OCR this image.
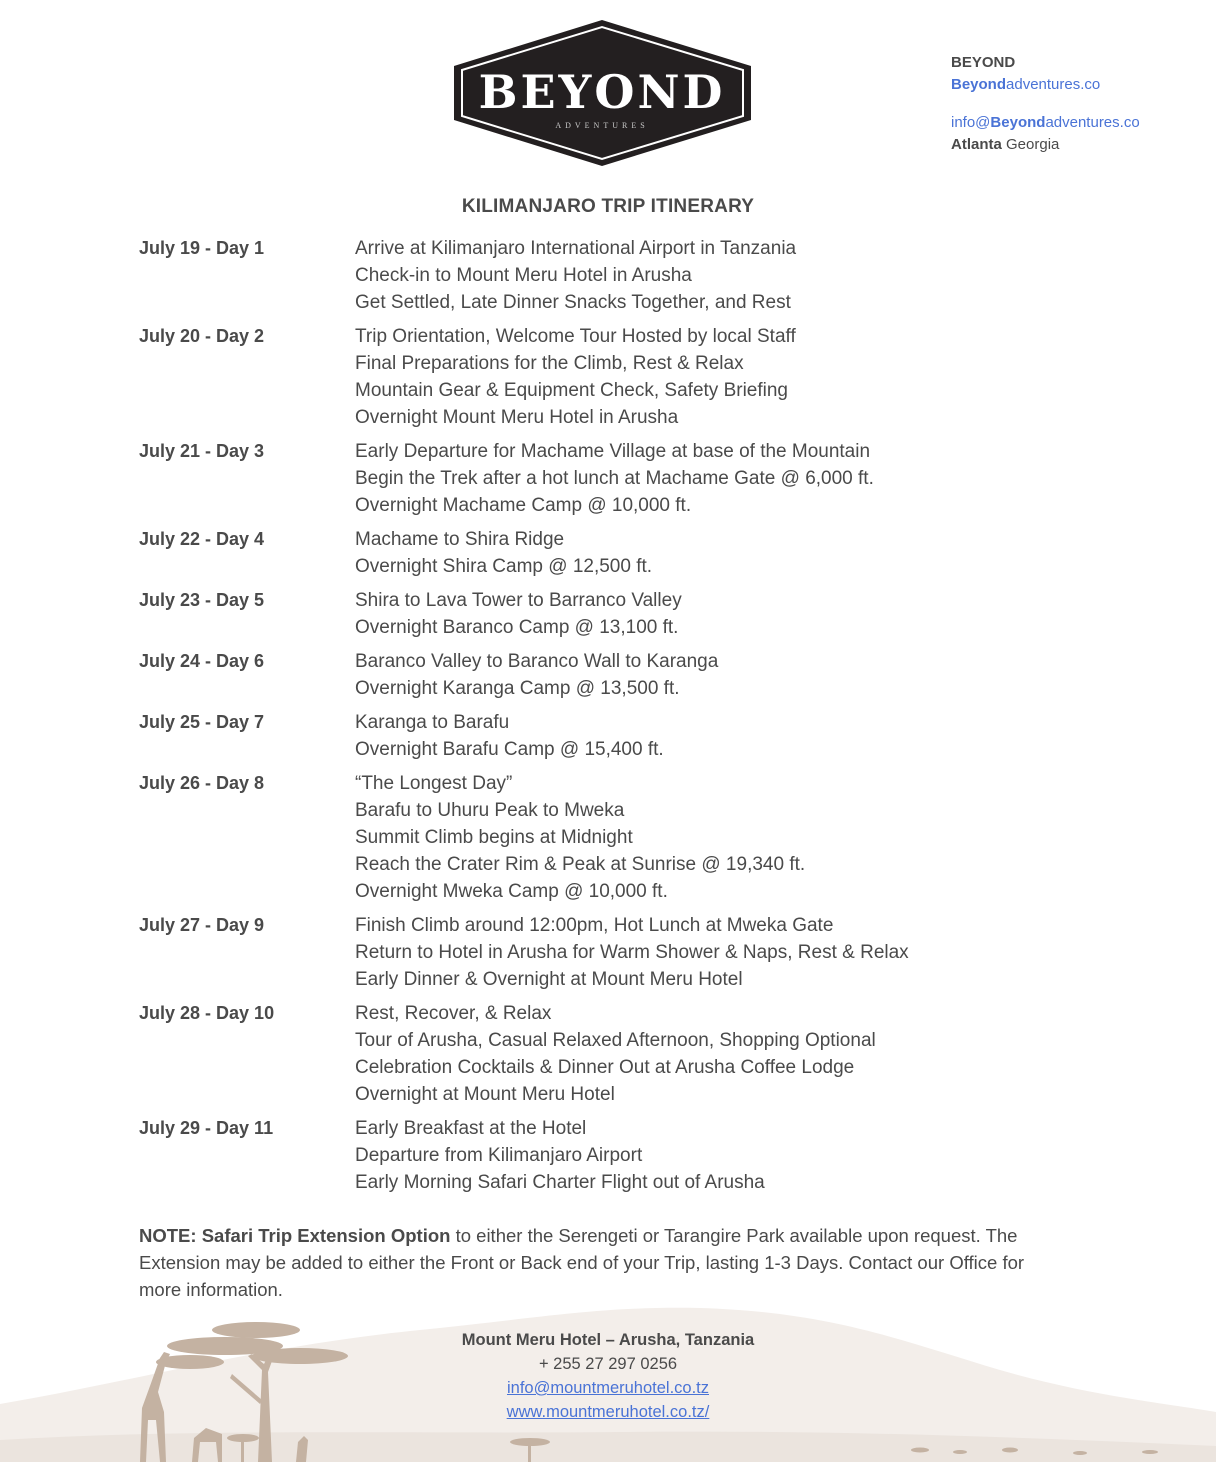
BEYOND
ADVENTURES
BEYOND
Beyondadventures.co
info@Beyondadventures.co
Atlanta Georgia
KILIMANJARO TRIP ITINERARY
July 19 - Day 1	Arrive at Kilimanjaro International Airport in Tanzania
Check-in to Mount Meru Hotel in Arusha
Get Settled, Late Dinner Snacks Together, and Rest
July 20 - Day 2	Trip Orientation, Welcome Tour Hosted by local Staff
Final Preparations for the Climb, Rest & Relax
Mountain Gear & Equipment Check, Safety Briefing
Overnight Mount Meru Hotel in Arusha
July 21 - Day 3	Early Departure for Machame Village at base of the Mountain
Begin the Trek after a hot lunch at Machame Gate @ 6,000 ft.
Overnight Machame Camp @ 10,000 ft.
July 22 - Day 4	Machame to Shira Ridge
Overnight Shira Camp @ 12,500 ft.
July 23 - Day 5	Shira to Lava Tower to Barranco Valley
Overnight Baranco Camp @ 13,100 ft.
July 24 - Day 6	Baranco Valley to Baranco Wall to Karanga
Overnight Karanga Camp @ 13,500 ft.
July 25 - Day 7	Karanga to Barafu
Overnight Barafu Camp @ 15,400 ft.
July 26 - Day 8	“The Longest Day”
Barafu to Uhuru Peak to Mweka
Summit Climb begins at Midnight
Reach the Crater Rim & Peak at Sunrise @ 19,340 ft.
Overnight Mweka Camp @ 10,000 ft.
July 27 - Day 9	Finish Climb around 12:00pm, Hot Lunch at Mweka Gate
Return to Hotel in Arusha for Warm Shower & Naps, Rest & Relax
Early Dinner & Overnight at Mount Meru Hotel
July 28 - Day 10	Rest, Recover, & Relax
Tour of Arusha, Casual Relaxed Afternoon, Shopping Optional
Celebration Cocktails & Dinner Out at Arusha Coffee Lodge
Overnight at Mount Meru Hotel
July 29 - Day 11	Early Breakfast at the Hotel
Departure from Kilimanjaro Airport
Early Morning Safari Charter Flight out of Arusha
NOTE: Safari Trip Extension Option to either the Serengeti or Tarangire Park available upon request. The Extension may be added to either the Front or Back end of your Trip, lasting 1-3 Days. Contact our Office for more information.
Mount Meru Hotel – Arusha, Tanzania
+ 255 27 297 0256
info@mountmeruhotel.co.tz
www.mountmeruhotel.co.tz/
